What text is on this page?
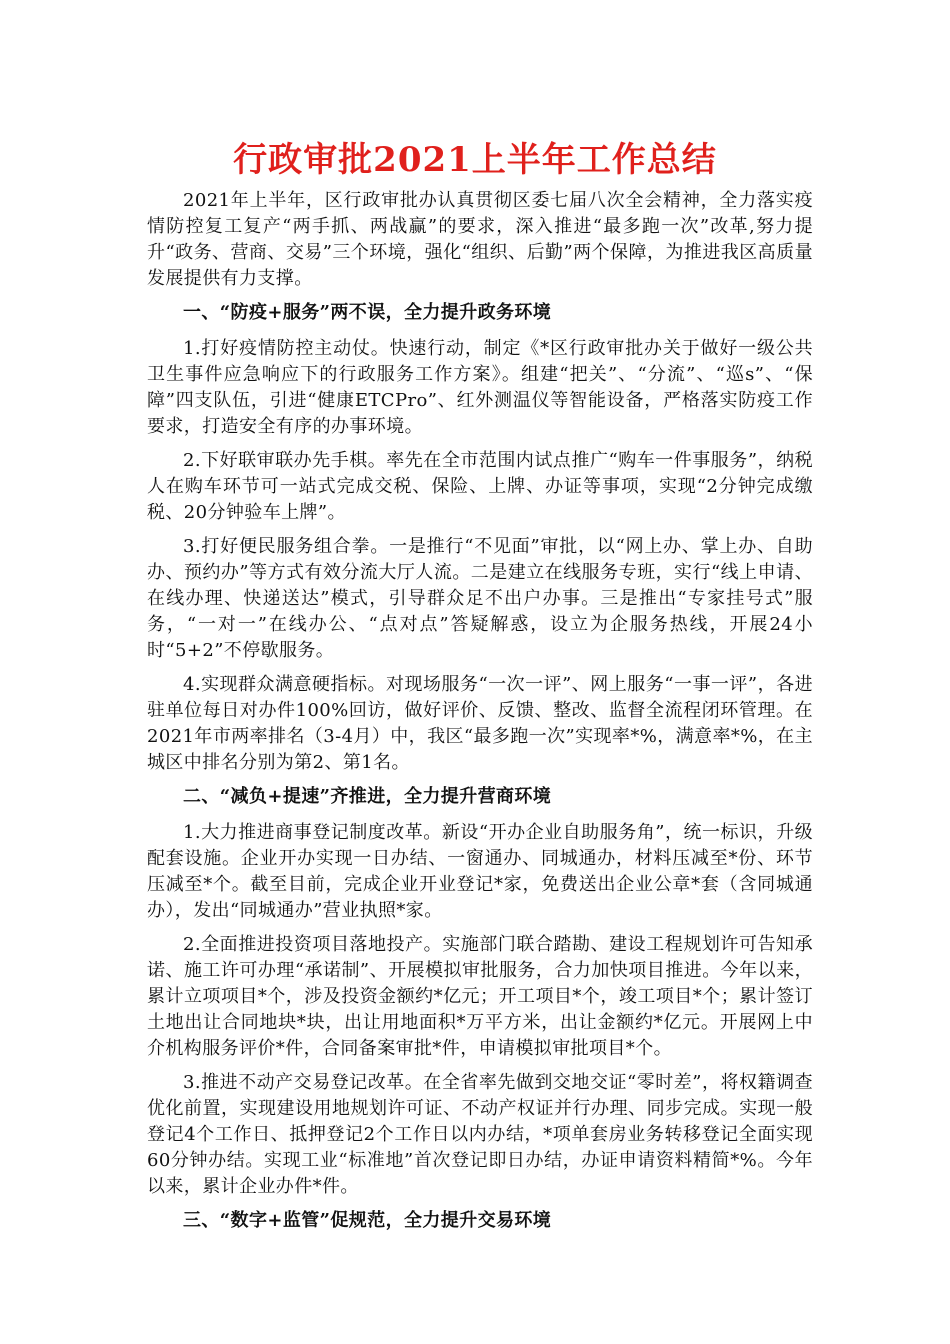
行政审批2021上半年工作总结

2021年上半年，区行政审批办认真贯彻区委七届八次全会精神，全力落实疫情防控复工复产“两手抓、两战赢”的要求，深入推进“最多跑一次”改革,努力提升“政务、营商、交易”三个环境，强化“组织、后勤”两个保障，为推进我区高质量发展提供有力支撑。

一、“防疫+服务”两不误，全力提升政务环境

1.打好疫情防控主动仗。快速行动，制定《*区行政审批办关于做好一级公共卫生事件应急响应下的行政服务工作方案》。组建“把关”、“分流”、“巡s”、“保障”四支队伍，引进“健康ETCPro”、红外测温仪等智能设备，严格落实防疫工作要求，打造安全有序的办事环境。

2.下好联审联办先手棋。率先在全市范围内试点推广“购车一件事服务”，纳税人在购车环节可一站式完成交税、保险、上牌、办证等事项，实现“2分钟完成缴税、20分钟验车上牌”。

3.打好便民服务组合拳。一是推行“不见面”审批，以“网上办、掌上办、自助办、预约办”等方式有效分流大厅人流。二是建立在线服务专班，实行“线上申请、在线办理、快递送达”模式，引导群众足不出户办事。三是推出“专家挂号式”服务，“一对一”在线办公、“点对点”答疑解惑，设立为企服务热线，开展24小时“5+2”不停歇服务。

4.实现群众满意硬指标。对现场服务“一次一评”、网上服务“一事一评”，各进驻单位每日对办件100%回访，做好评价、反馈、整改、监督全流程闭环管理。在2021年市两率排名（3-4月）中，我区“最多跑一次”实现率*%，满意率*%，在主城区中排名分别为第2、第1名。

二、“减负+提速”齐推进，全力提升营商环境

1.大力推进商事登记制度改革。新设“开办企业自助服务角”，统一标识，升级配套设施。企业开办实现一日办结、一窗通办、同城通办，材料压减至*份、环节压减至*个。截至目前，完成企业开业登记*家，免费送出企业公章*套（含同城通办），发出“同城通办”营业执照*家。

2.全面推进投资项目落地投产。实施部门联合踏勘、建设工程规划许可告知承诺、施工许可办理“承诺制”、开展模拟审批服务，合力加快项目推进。今年以来，累计立项项目*个，涉及投资金额约*亿元；开工项目*个，竣工项目*个；累计签订土地出让合同地块*块，出让用地面积*万平方米，出让金额约*亿元。开展网上中介机构服务评价*件，合同备案审批*件，申请模拟审批项目*个。

3.推进不动产交易登记改革。在全省率先做到交地交证“零时差”，将权籍调查优化前置，实现建设用地规划许可证、不动产权证并行办理、同步完成。实现一般登记4个工作日、抵押登记2个工作日以内办结，*项单套房业务转移登记全面实现60分钟办结。实现工业“标准地”首次登记即日办结，办证申请资料精简*%。今年以来，累计企业办件*件。

三、“数字+监管”促规范，全力提升交易环境
